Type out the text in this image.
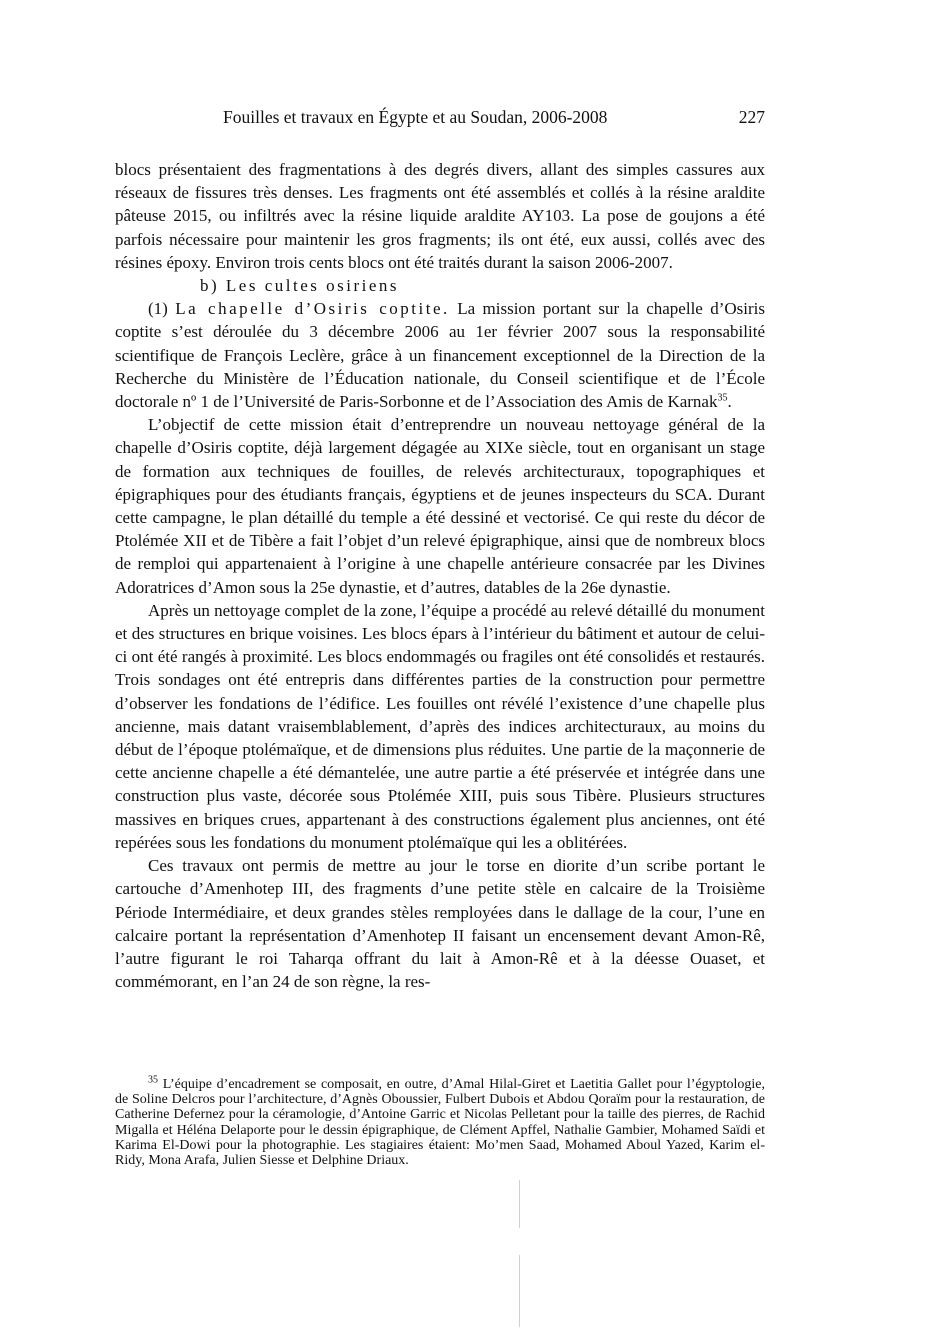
Fouilles et travaux en Égypte et au Soudan, 2006-2008	227

blocs présentaient des fragmentations à des degrés divers, allant des simples cassures aux réseaux de fissures très denses. Les fragments ont été assemblés et collés à la résine araldite pâteuse 2015, ou infiltrés avec la résine liquide araldite AY103. La pose de goujons a été parfois nécessaire pour maintenir les gros fragments; ils ont été, eux aussi, collés avec des résines époxy. Environ trois cents blocs ont été traités durant la saison 2006-2007.

b) Les cultes osiriens

(1) La chapelle d’Osiris coptite. La mission portant sur la chapelle d’Osiris coptite s’est déroulée du 3 décembre 2006 au 1er février 2007 sous la responsabilité scientifique de François Leclère, grâce à un financement exceptionnel de la Direction de la Recherche du Ministère de l’Éducation nationale, du Conseil scientifique et de l’École doctorale nº 1 de l’Université de Paris-Sorbonne et de l’Association des Amis de Karnak$^{35}$.

L’objectif de cette mission était d’entreprendre un nouveau nettoyage général de la chapelle d’Osiris coptite, déjà largement dégagée au XIXe siècle, tout en organisant un stage de formation aux techniques de fouilles, de relevés architecturaux, topographiques et épigraphiques pour des étudiants français, égyptiens et de jeunes inspecteurs du SCA. Durant cette campagne, le plan détaillé du temple a été dessiné et vectorisé. Ce qui reste du décor de Ptolémée XII et de Tibère a fait l’objet d’un relevé épigraphique, ainsi que de nombreux blocs de remploi qui appartenaient à l’origine à une chapelle antérieure consacrée par les Divines Adoratrices d’Amon sous la 25e dynastie, et d’autres, datables de la 26e dynastie.

Après un nettoyage complet de la zone, l’équipe a procédé au relevé détaillé du monument et des structures en brique voisines. Les blocs épars à l’intérieur du bâtiment et autour de celui-ci ont été rangés à proximité. Les blocs endommagés ou fragiles ont été consolidés et restaurés. Trois sondages ont été entrepris dans différentes parties de la construction pour permettre d’observer les fondations de l’édifice. Les fouilles ont révélé l’existence d’une chapelle plus ancienne, mais datant vraisemblablement, d’après des indices architecturaux, au moins du début de l’époque ptolémaïque, et de dimensions plus réduites. Une partie de la maçonnerie de cette ancienne chapelle a été démantelée, une autre partie a été préservée et intégrée dans une construction plus vaste, décorée sous Ptolémée XIII, puis sous Tibère. Plusieurs structures massives en briques crues, appartenant à des constructions également plus anciennes, ont été repérées sous les fondations du monument ptolémaïque qui les a oblitérées.

Ces travaux ont permis de mettre au jour le torse en diorite d’un scribe portant le cartouche d’Amenhotep III, des fragments d’une petite stèle en calcaire de la Troisième Période Intermédiaire, et deux grandes stèles remployées dans le dallage de la cour, l’une en calcaire portant la représentation d’Amenhotep II faisant un encensement devant Amon-Rê, l’autre figurant le roi Taharqa offrant du lait à Amon-Rê et à la déesse Ouaset, et commémorant, en l’an 24 de son règne, la res-

$^{35}$ L’équipe d’encadrement se composait, en outre, d’Amal Hilal-Giret et Laetitia Gallet pour l’égyptologie, de Soline Delcros pour l’architecture, d’Agnès Oboussier, Fulbert Dubois et Abdou Qoraïm pour la restauration, de Catherine Defernez pour la céramologie, d’Antoine Garric et Nicolas Pelletant pour la taille des pierres, de Rachid Migalla et Héléna Delaporte pour le dessin épigraphique, de Clément Apffel, Nathalie Gambier, Mohamed Saïdi et Karima El-Dowi pour la photographie. Les stagiaires étaient: Mo’men Saad, Mohamed Aboul Yazed, Karim el-Ridy, Mona Arafa, Julien Siesse et Delphine Driaux.
